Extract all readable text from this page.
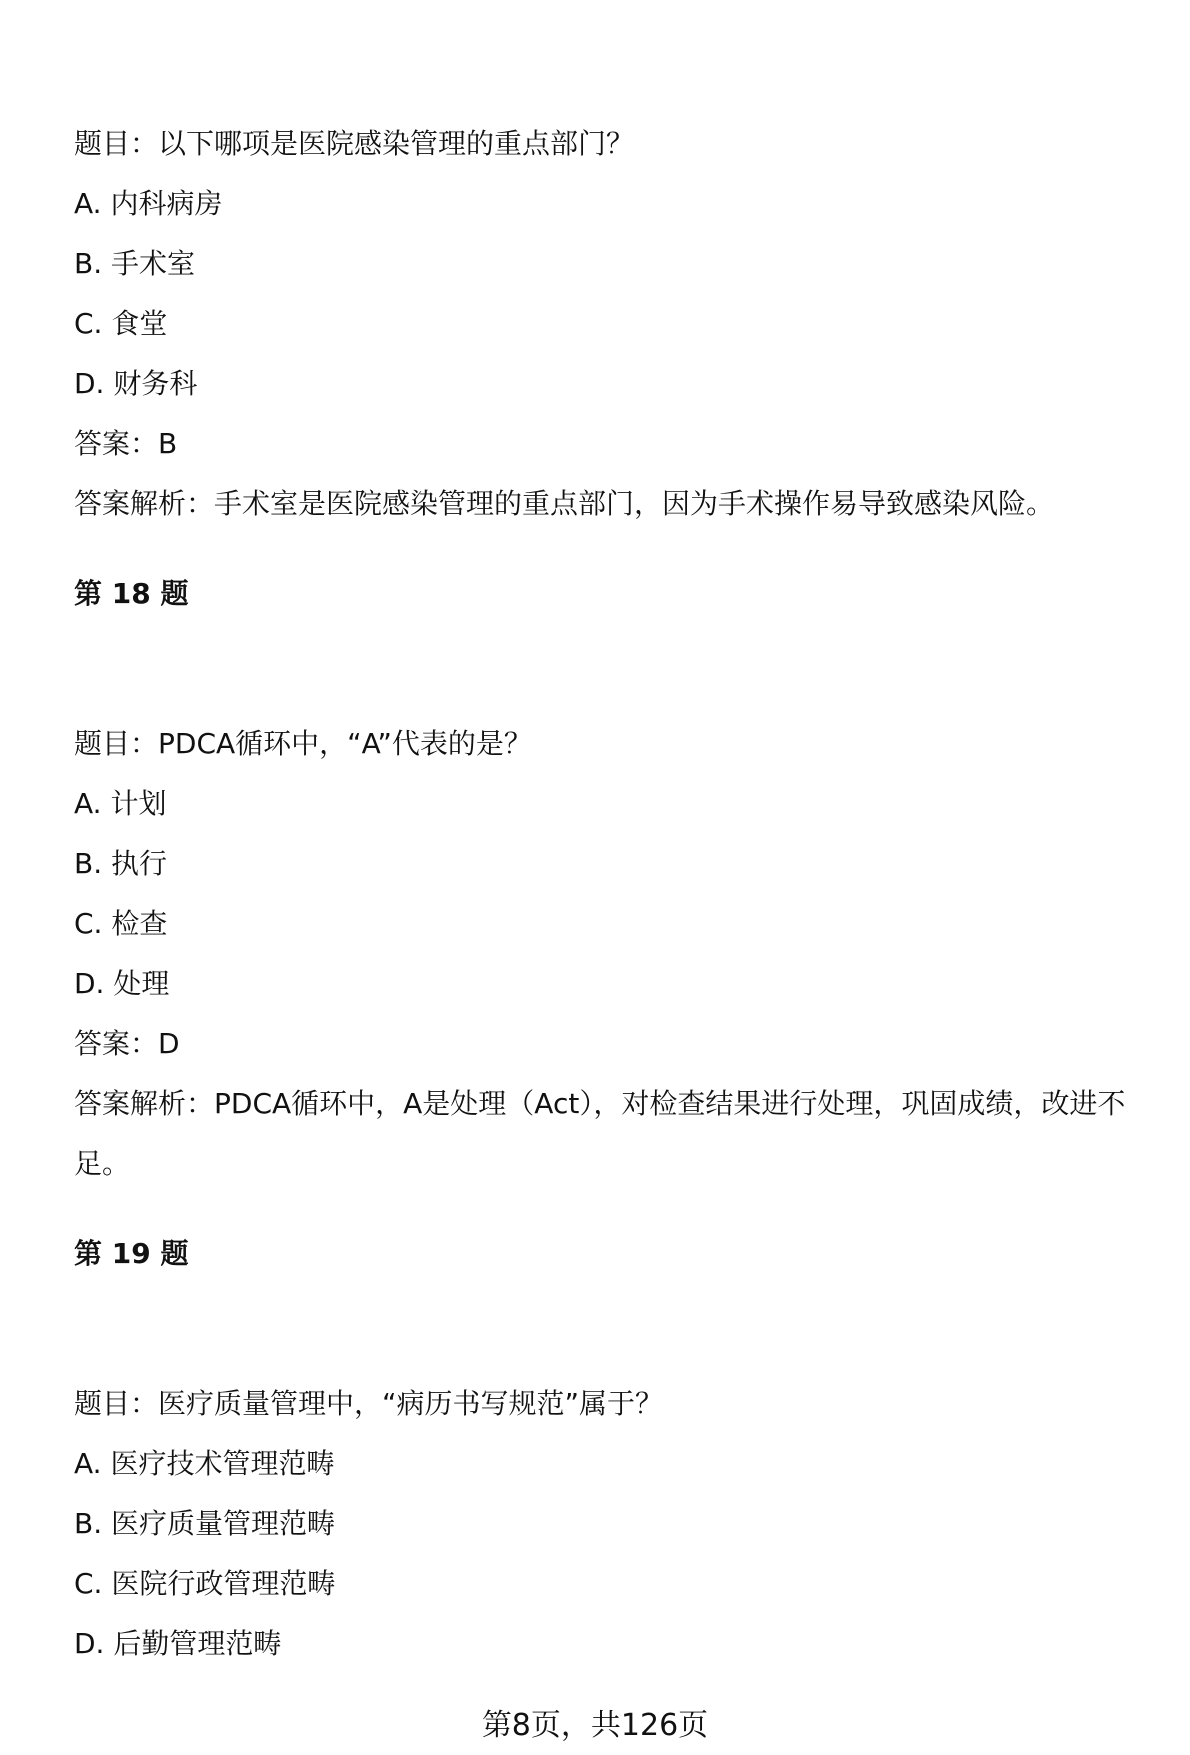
题目：以下哪项是医院感染管理的重点部门？
A. 内科病房
B. 手术室
C. 食堂
D. 财务科
答案：B
答案解析：手术室是医院感染管理的重点部门，因为手术操作易导致感染风险。
第 18 题
题目：PDCA循环中，“A”代表的是？
A. 计划
B. 执行
C. 检查
D. 处理
答案：D
答案解析：PDCA循环中，A是处理（Act），对检查结果进行处理，巩固成绩，改进不足。
第 19 题
题目：医疗质量管理中，“病历书写规范”属于？
A. 医疗技术管理范畴
B. 医疗质量管理范畴
C. 医院行政管理范畴
D. 后勤管理范畴
第8页，共126页
